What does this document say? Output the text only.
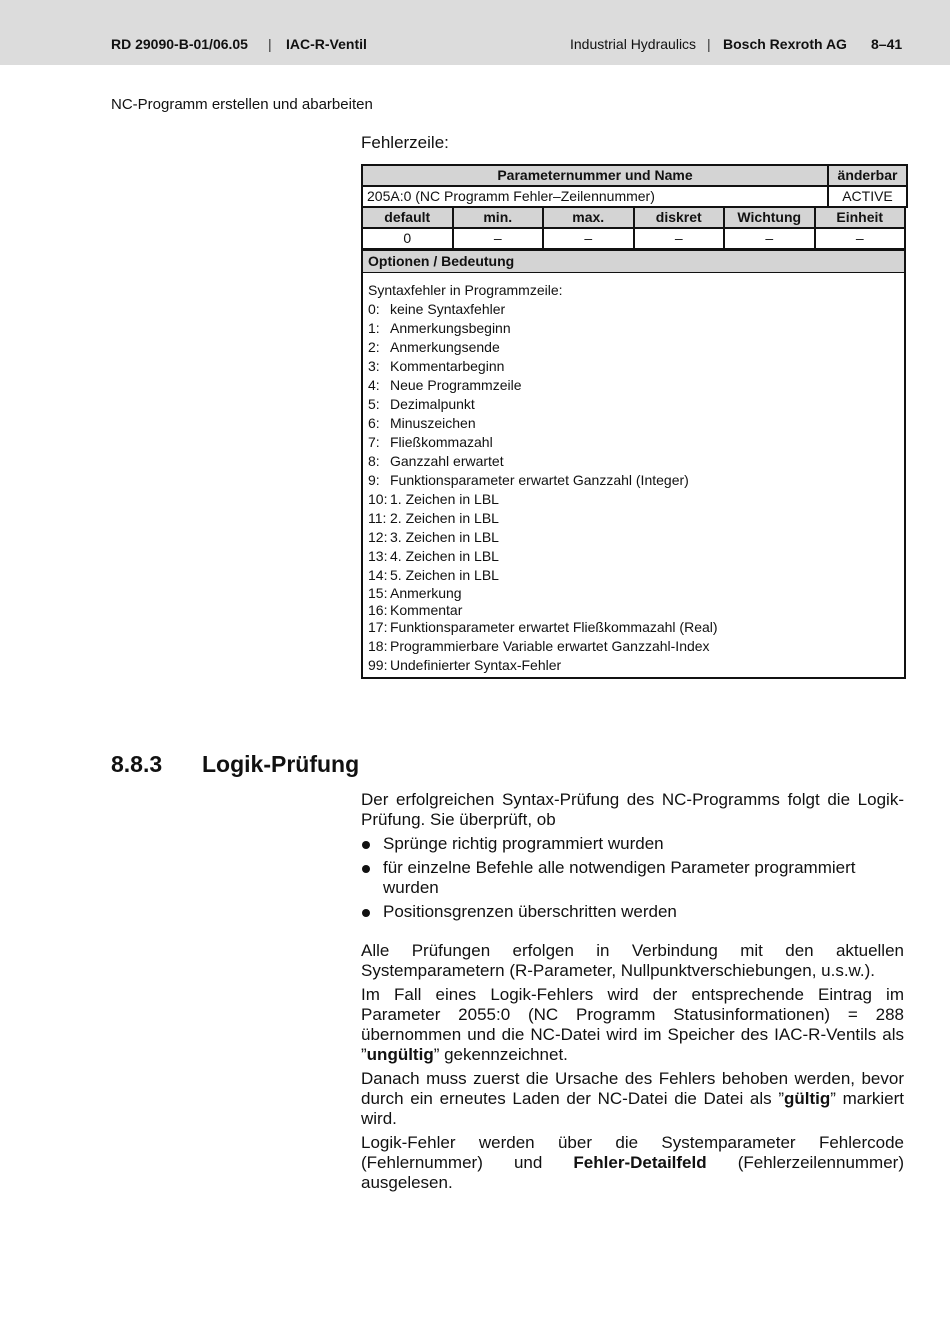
RD 29090-B-01/06.05 | IAC-R-Ventil	Industrial Hydraulics | Bosch Rexroth AG 8–41
NC-Programm erstellen und abarbeiten
Fehlerzeile:
Parameternummer und Name	änderbar
205A:0 (NC Programm Fehler–Zeilennummer)	ACTIVE
default	min.	max.	diskret	Wichtung	Einheit
0	–	–	–	–	–
Optionen / Bedeutung
Syntaxfehler in Programmzeile:
0: keine Syntaxfehler
1: Anmerkungsbeginn
2: Anmerkungsende
3: Kommentarbeginn
4: Neue Programmzeile
5: Dezimalpunkt
6: Minuszeichen
7: Fließkommazahl
8: Ganzzahl erwartet
9: Funktionsparameter erwartet Ganzzahl (Integer)
10: 1. Zeichen in LBL
11: 2. Zeichen in LBL
12: 3. Zeichen in LBL
13: 4. Zeichen in LBL
14: 5. Zeichen in LBL
15: Anmerkung
16: Kommentar
17: Funktionsparameter erwartet Fließkommazahl (Real)
18: Programmierbare Variable erwartet Ganzzahl-Index
99: Undefinierter Syntax-Fehler
8.8.3 Logik-Prüfung

Der erfolgreichen Syntax-Prüfung des NC-Programms folgt die Logik-Prüfung. Sie überprüft, ob

Sprünge richtig programmiert wurden
für einzelne Befehle alle notwendigen Parameter programmiert wurden
Positionsgrenzen überschritten werden

Alle Prüfungen erfolgen in Verbindung mit den aktuellen Systemparametern (R-Parameter, Nullpunktverschiebungen, u.s.w.).

Im Fall eines Logik-Fehlers wird der entsprechende Eintrag im Parameter 2055:0 (NC Programm Statusinformationen) = 288 übernommen und die NC-Datei wird im Speicher des IAC-R-Ventils als ”ungültig” gekennzeichnet.

Danach muss zuerst die Ursache des Fehlers behoben werden, bevor durch ein erneutes Laden der NC-Datei die Datei als ”gültig” markiert wird.

Logik-Fehler werden über die Systemparameter Fehlercode (Fehlernummer) und Fehler-Detailfeld (Fehlerzeilennummer) ausgelesen.
